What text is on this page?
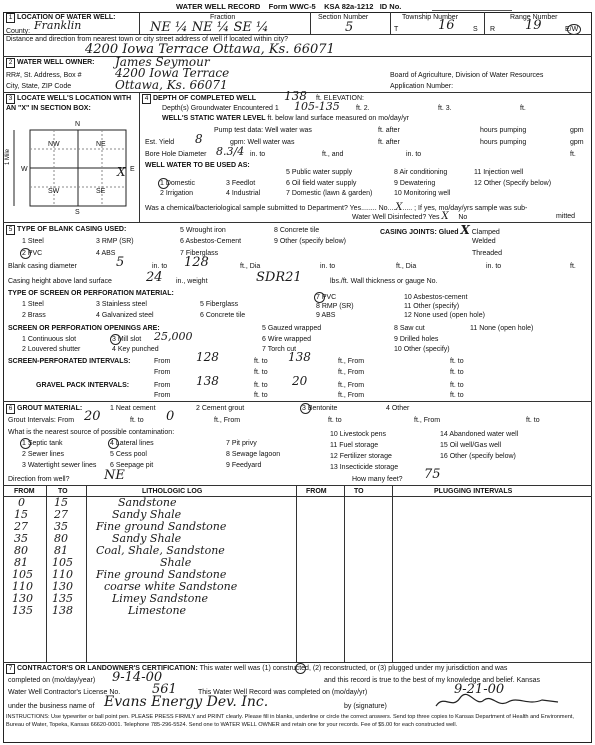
WATER WELL RECORD Form WWC-5 KSA 82a-1212 ID No.
1 LOCATION OF WATER WELL:
County: Franklin
Fraction
NE ¼ NE ¼ SE ¼
Section Number
5
Township Number
T	16	S
Range Number
R 19	E/W
Distance and direction from nearest town or city street address of well if located within city?
4200 Iowa Terrace Ottawa, Ks. 66071
2 WATER WELL OWNER: James Seymour
RR#, St. Address, Box #	4200 Iowa Terrace
City, State, ZIP Code	Ottawa, Ks. 66071
Board of Agriculture, Division of Water Resources
Application Number:
3 LOCATE WELL'S LOCATION WITH AN "X" IN SECTION BOX:
N
S
W	E
NW	NE
SW	SE
1 Mile
X
4 DEPTH OF COMPLETED WELL 138 ft. ELEVATION:
Depth(s) Groundwater Encountered 1 105-135 ft. 2.	ft. 3.	ft.
WELL'S STATIC WATER LEVEL ft. below land surface measured on mo/day/yr
Pump test data: Well water was	ft. after	hours pumping	gpm
Est. Yield 8	gpm: Well water was	ft. after	hours pumping	gpm
Bore Hole Diameter 8.3/4 in. to	ft., and	in. to	ft.
WELL WATER TO BE USED AS:
5 Public water supply	8 Air conditioning	11 Injection well
1 Domestic	3 Feedlot	6 Oil field water supply	9 Dewatering	12 Other (Specify below)
2 Irrigation	4 Industrial	7 Domestic (lawn & garden)	10 Monitoring well
Was a chemical/bacteriological sample submitted to Department? Yes........ No....X..... ; If yes, mo/day/yrs sample was sub-
mitted
Water Well Disinfected? Yes X No
5 TYPE OF BLANK CASING USED:	5 Wrought iron	8 Concrete tile	CASING JOINTS: Glued X Clamped
1 Steel	3 RMP (SR)	6 Asbestos-Cement	9 Other (specify below)	Welded
2 PVC	4 ABS	7 Fiberglass	Threaded
Blank casing diameter	5	in. to 128	ft., Dia	in. to	ft., Dia	in. to	ft.
Casing height above land surface	24 in., weight	SDR21	lbs./ft. Wall thickness or gauge No.
TYPE OF SCREEN OR PERFORATION MATERIAL:
1 Steel	3 Stainless steel	5 Fiberglass
7 PVC	10 Asbestos-cement
2 Brass	4 Galvanized steel	6 Concrete tile
8 RMP (SR)	11 Other (specify)
9 ABS	12 None used (open hole)
SCREEN OR PERFORATION OPENINGS ARE:	5 Gauzed wrapped	8 Saw cut	11 None (open hole)
1 Continuous slot	3 Mill slot 25,000	6 Wire wrapped	9 Drilled holes
2 Louvered shutter	4 Key punched	7 Torch cut	10 Other (specify)
SCREEN-PERFORATED INTERVALS:	From 128	ft. to 138	ft., From	ft. to
From	ft. to	ft., From	ft. to
GRAVEL PACK INTERVALS:	From 138	ft. to 20	ft., From	ft. to
From	ft. to	ft., From	ft. to
6 GROUT MATERIAL:	1 Neat cement	2 Cement grout	3 Bentonite	4 Other
Grout Intervals: From 20	ft. to 0	ft., From	ft. to	ft., From	ft. to
What is the nearest source of possible contamination:
1 Septic tank	4 Lateral lines	7 Pit privy
10 Livestock pens	14 Abandoned water well
2 Sewer lines	5 Cess pool	8 Sewage lagoon
11 Fuel storage	15 Oil well/Gas well
3 Watertight sewer lines 6 Seepage pit	9 Feedyard
12 Fertilizer storage	16 Other (specify below)
13 Insecticide storage
Direction from well?	NE	How many feet? 75
FROM	TO	LITHOLOGIC LOG	FROM	TO	PLUGGING INTERVALS
0	15	Sandstone
15 27	Sandy Shale
27 35	Fine ground Sandstone
35 80	Sandy Shale
80 81	Coal, Shale, Sandstone
81 105	Shale
105 110 Fine ground Sandstone
110 130	coarse white Sandstone
130 135	Limey Sandstone
135 138	Limestone
7 CONTRACTOR'S OR LANDOWNER'S CERTIFICATION: This water well was (1) constructed, (2) reconstructed, or (3) plugged under my jurisdiction and was
completed on (mo/day/year) 9-14-00	and this record is true to the best of my knowledge and belief. Kansas
Water Well Contractor's License No. 561	This Water Well Record was completed on (mo/day/yr)	9-21-00
under the business name of Evans Energy Dev. Inc.	by (signature)
INSTRUCTIONS: Use typewriter or ball point pen. PLEASE PRESS FIRMLY and PRINT clearly. Please fill in blanks, underline or circle the correct answers. Send top three copies to Kansas Department of Health and Environment, Bureau of Water, Topeka, Kansas 66620-0001. Telephone 785-296-5524. Send one to WATER WELL OWNER and retain one for your records. Fee of $5.00 for each constructed well.
